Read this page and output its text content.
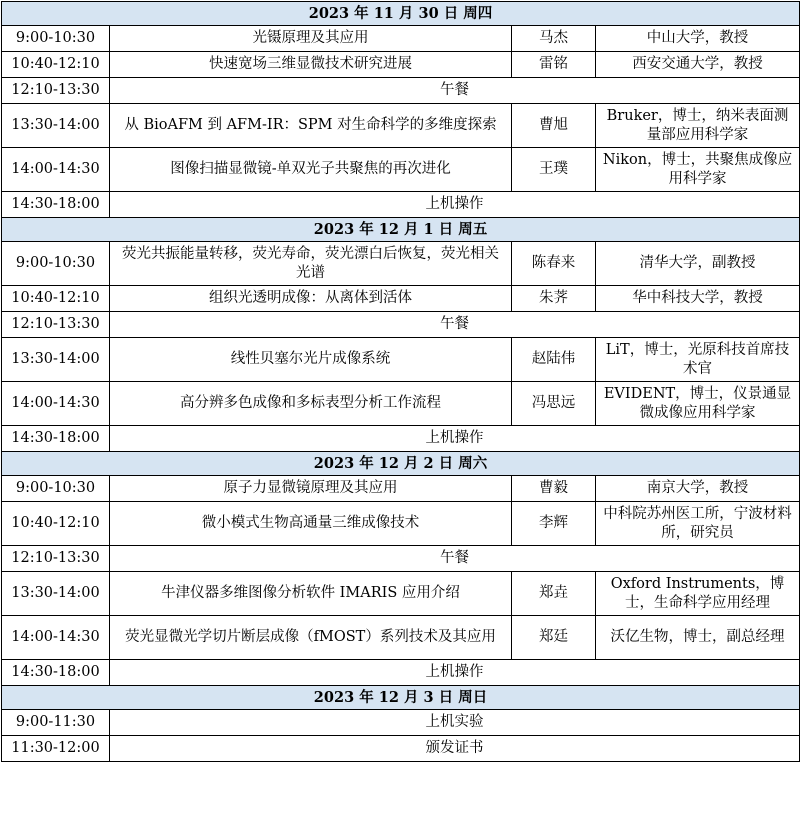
2023 年 11 月 30 日 周四			
9:00-10:30	光镊原理及其应用	马杰	中山大学，教授
10:40-12:10	快速宽场三维显微技术研究进展	雷铭	西安交通大学，教授
12:10-13:30	午餐		
13:30-14:00	从 BioAFM 到 AFM-IR：SPM 对生命科学的多维度探索	曹旭	Bruker，博士，纳米表面测量部应用科学家
14:00-14:30	图像扫描显微镜-单双光子共聚焦的再次进化	王璞	Nikon，博士，共聚焦成像应用科学家
14:30-18:00	上机操作		
2023 年 12 月 1 日 周五			
9:00-10:30	荧光共振能量转移，荧光寿命，荧光漂白后恢复，荧光相关光谱	陈春来	清华大学，副教授
10:40-12:10	组织光透明成像：从离体到活体	朱荠	华中科技大学，教授
12:10-13:30	午餐		
13:30-14:00	线性贝塞尔光片成像系统	赵陆伟	LiT，博士，光原科技首席技术官
14:00-14:30	高分辨多色成像和多标表型分析工作流程	冯思远	EVIDENT，博士，仪景通显微成像应用科学家
14:30-18:00	上机操作		
2023 年 12 月 2 日 周六			
9:00-10:30	原子力显微镜原理及其应用	曹毅	南京大学，教授
10:40-12:10	微小模式生物高通量三维成像技术	李辉	中科院苏州医工所，宁波材料所，研究员
12:10-13:30	午餐		
13:30-14:00	牛津仪器多维图像分析软件 IMARIS 应用介绍	郑垚	Oxford Instruments，博士，生命科学应用经理
14:00-14:30	荧光显微光学切片断层成像（fMOST）系列技术及其应用	郑廷	沃亿生物，博士，副总经理
14:30-18:00	上机操作		
2023 年 12 月 3 日 周日			
9:00-11:30	上机实验		
11:30-12:00	颁发证书		
